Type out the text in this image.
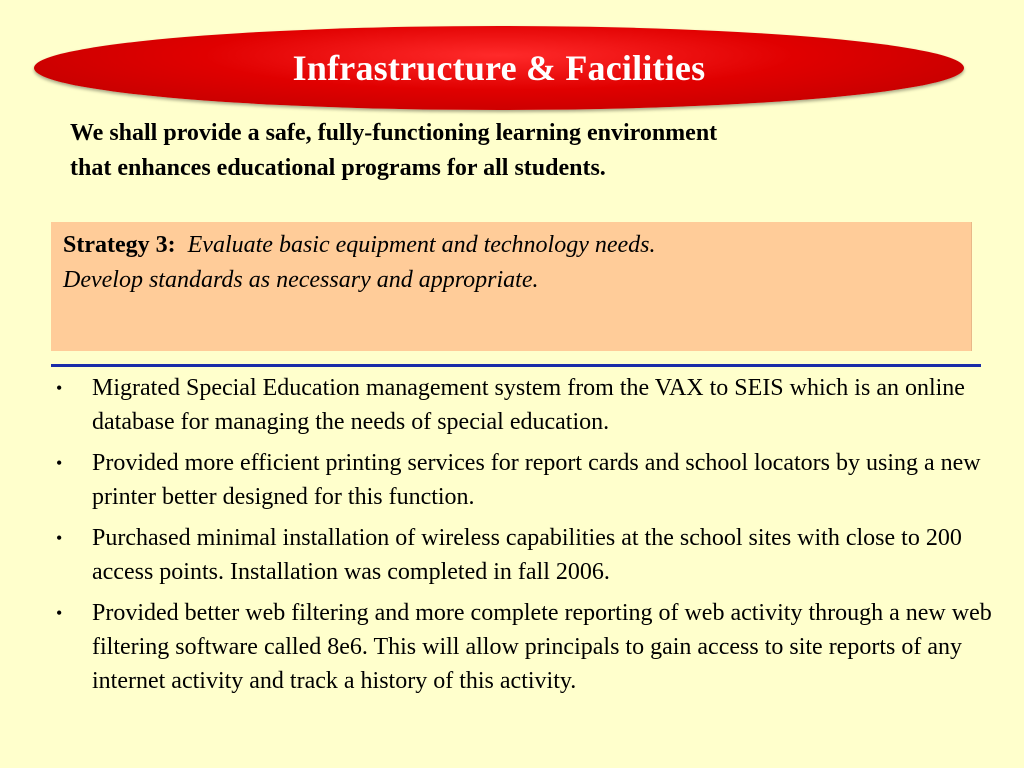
Infrastructure & Facilities
We shall provide a safe, fully-functioning learning environment
that enhances educational programs for all students.
Strategy 3: Evaluate basic equipment and technology needs.
Develop standards as necessary and appropriate.
• Migrated Special Education management system from the VAX to SEIS which is an online database for managing the needs of special education.
• Provided more efficient printing services for report cards and school locators by using a new printer better designed for this function.
• Purchased minimal installation of wireless capabilities at the school sites with close to 200 access points. Installation was completed in fall 2006.
• Provided better web filtering and more complete reporting of web activity through a new web filtering software called 8e6. This will allow principals to gain access to site reports of any internet activity and track a history of this activity.
